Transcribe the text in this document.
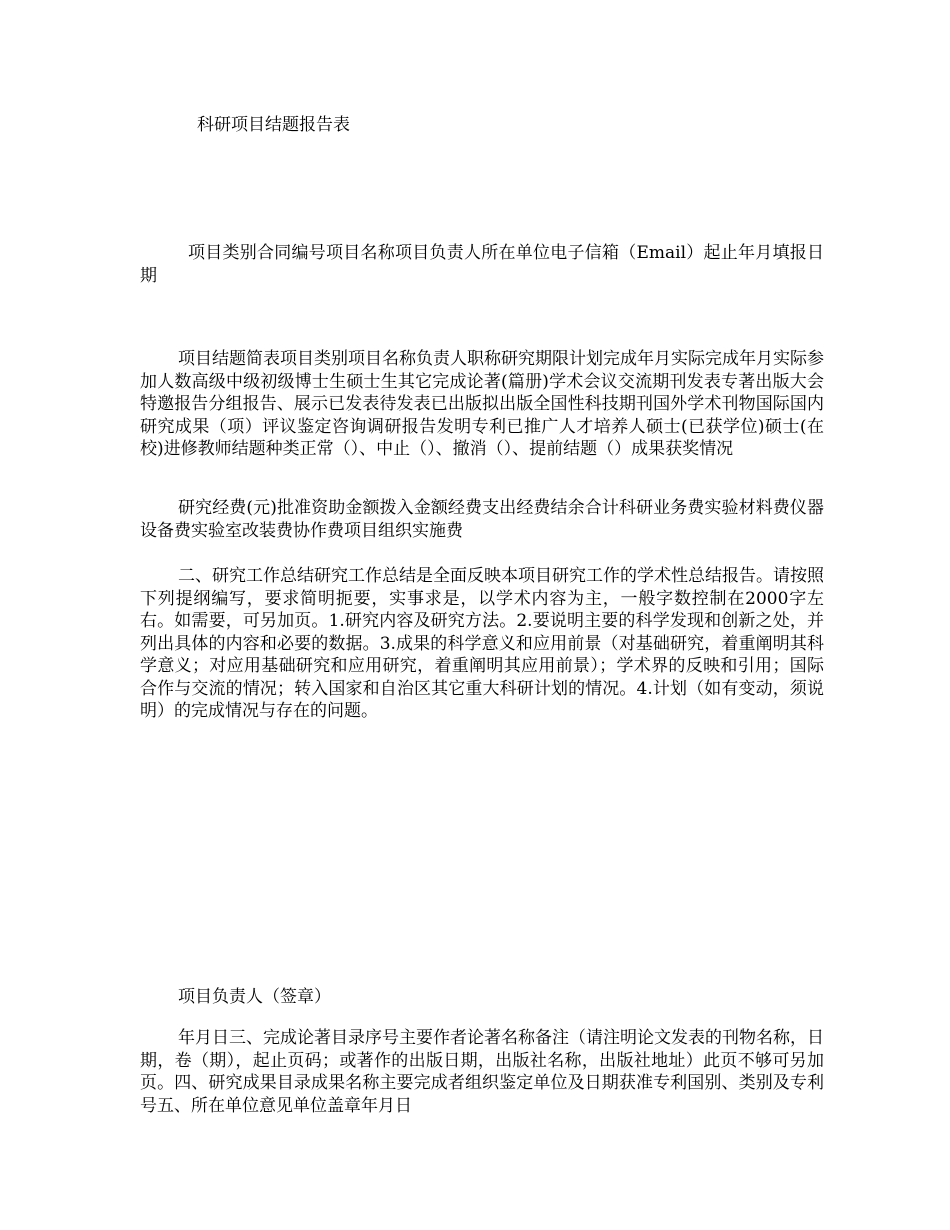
科研项目结题报告表

项目类别合同编号项目名称项目负责人所在单位电子信箱（Email）起止年月填报日期

项目结题简表项目类别项目名称负责人职称研究期限计划完成年月实际完成年月实际参加人数高级中级初级博士生硕士生其它完成论著(篇册)学术会议交流期刊发表专著出版大会特邀报告分组报告、展示已发表待发表已出版拟出版全国性科技期刊国外学术刊物国际国内研究成果（项）评议鉴定咨询调研报告发明专利已推广人才培养人硕士(已获学位)硕士(在校)进修教师结题种类正常（）、中止（）、撤消（）、提前结题（）成果获奖情况

研究经费(元)批准资助金额拨入金额经费支出经费结余合计科研业务费实验材料费仪器设备费实验室改装费协作费项目组织实施费

二、研究工作总结研究工作总结是全面反映本项目研究工作的学术性总结报告。请按照下列提纲编写，要求简明扼要，实事求是，以学术内容为主，一般字数控制在2000字左右。如需要，可另加页。1.研究内容及研究方法。2.要说明主要的科学发现和创新之处，并列出具体的内容和必要的数据。3.成果的科学意义和应用前景（对基础研究，着重阐明其科学意义；对应用基础研究和应用研究，着重阐明其应用前景）；学术界的反映和引用；国际合作与交流的情况；转入国家和自治区其它重大科研计划的情况。4.计划（如有变动，须说明）的完成情况与存在的问题。

项目负责人（签章）

年月日三、完成论著目录序号主要作者论著名称备注（请注明论文发表的刊物名称，日期，卷（期），起止页码；或著作的出版日期，出版社名称，出版社地址）此页不够可另加页。四、研究成果目录成果名称主要完成者组织鉴定单位及日期获准专利国别、类别及专利号五、所在单位意见单位盖章年月日
